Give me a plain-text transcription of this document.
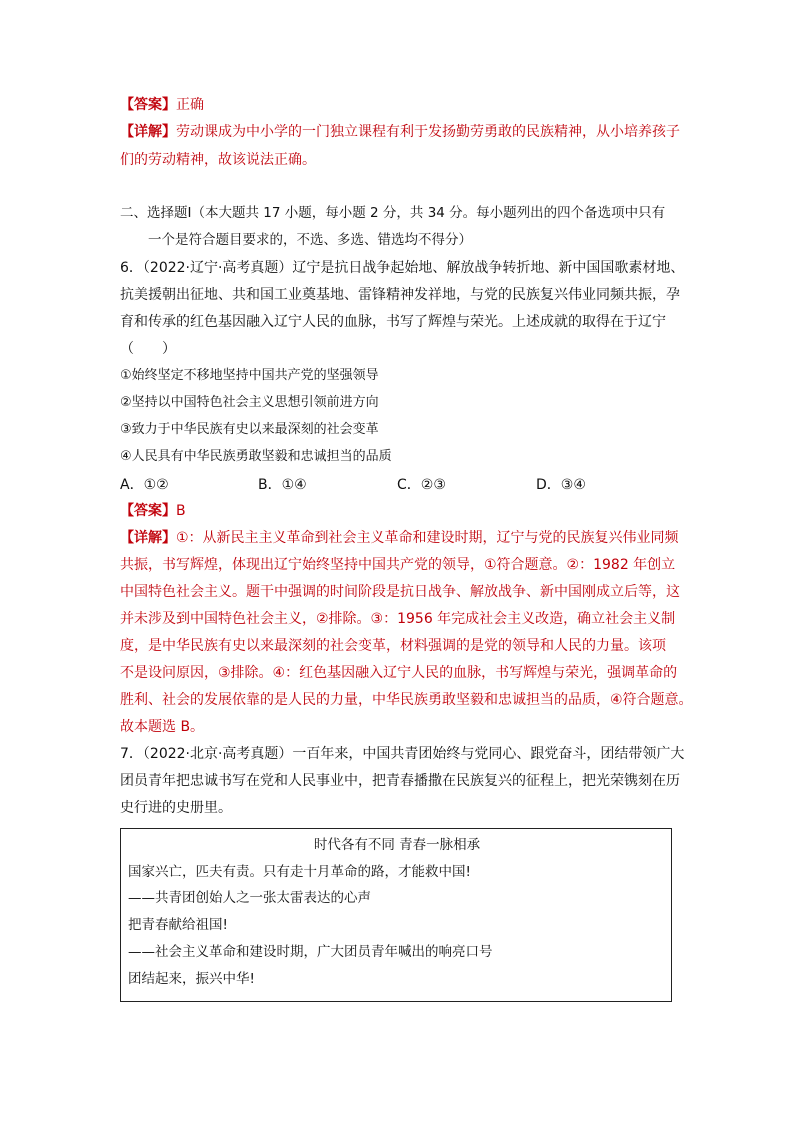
【答案】正确
【详解】劳动课成为中小学的一门独立课程有利于发扬勤劳勇敢的民族精神，从小培养孩子
们的劳动精神，故该说法正确。
二、选择题Ⅰ（本大题共 17 小题，每小题 2 分，共 34 分。每小题列出的四个备选项中只有
一个是符合题目要求的，不选、多选、错选均不得分）
6．（2022·辽宁·高考真题）辽宁是抗日战争起始地、解放战争转折地、新中国国歌素材地、
抗美援朝出征地、共和国工业奠基地、雷锋精神发祥地，与党的民族复兴伟业同频共振，孕
育和传承的红色基因融入辽宁人民的血脉，书写了辉煌与荣光。上述成就的取得在于辽宁
（　　）
①始终坚定不移地坚持中国共产党的坚强领导
②坚持以中国特色社会主义思想引领前进方向
③致力于中华民族有史以来最深刻的社会变革
④人民具有中华民族勇敢坚毅和忠诚担当的品质
A．①②	B．①④	C．②③	D．③④
【答案】B
【详解】①：从新民主主义革命到社会主义革命和建设时期，辽宁与党的民族复兴伟业同频
共振，书写辉煌，体现出辽宁始终坚持中国共产党的领导，①符合题意。②：1982 年创立
中国特色社会主义。题干中强调的时间阶段是抗日战争、解放战争、新中国刚成立后等，这
并未涉及到中国特色社会主义，②排除。③：1956 年完成社会主义改造，确立社会主义制
度，是中华民族有史以来最深刻的社会变革，材料强调的是党的领导和人民的力量。该项
不是设问原因，③排除。④：红色基因融入辽宁人民的血脉，书写辉煌与荣光，强调革命的
胜利、社会的发展依靠的是人民的力量，中华民族勇敢坚毅和忠诚担当的品质，④符合题意。
故本题选 B。
7．（2022·北京·高考真题）一百年来，中国共青团始终与党同心、跟党奋斗，团结带领广大
团员青年把忠诚书写在党和人民事业中，把青春播撒在民族复兴的征程上，把光荣镌刻在历
史行进的史册里。
时代各有不同 青春一脉相承
国家兴亡，匹夫有责。只有走十月革命的路，才能救中国!
——共青团创始人之一张太雷表达的心声
把青春献给祖国!
——社会主义革命和建设时期，广大团员青年喊出的响亮口号
团结起来，振兴中华!
